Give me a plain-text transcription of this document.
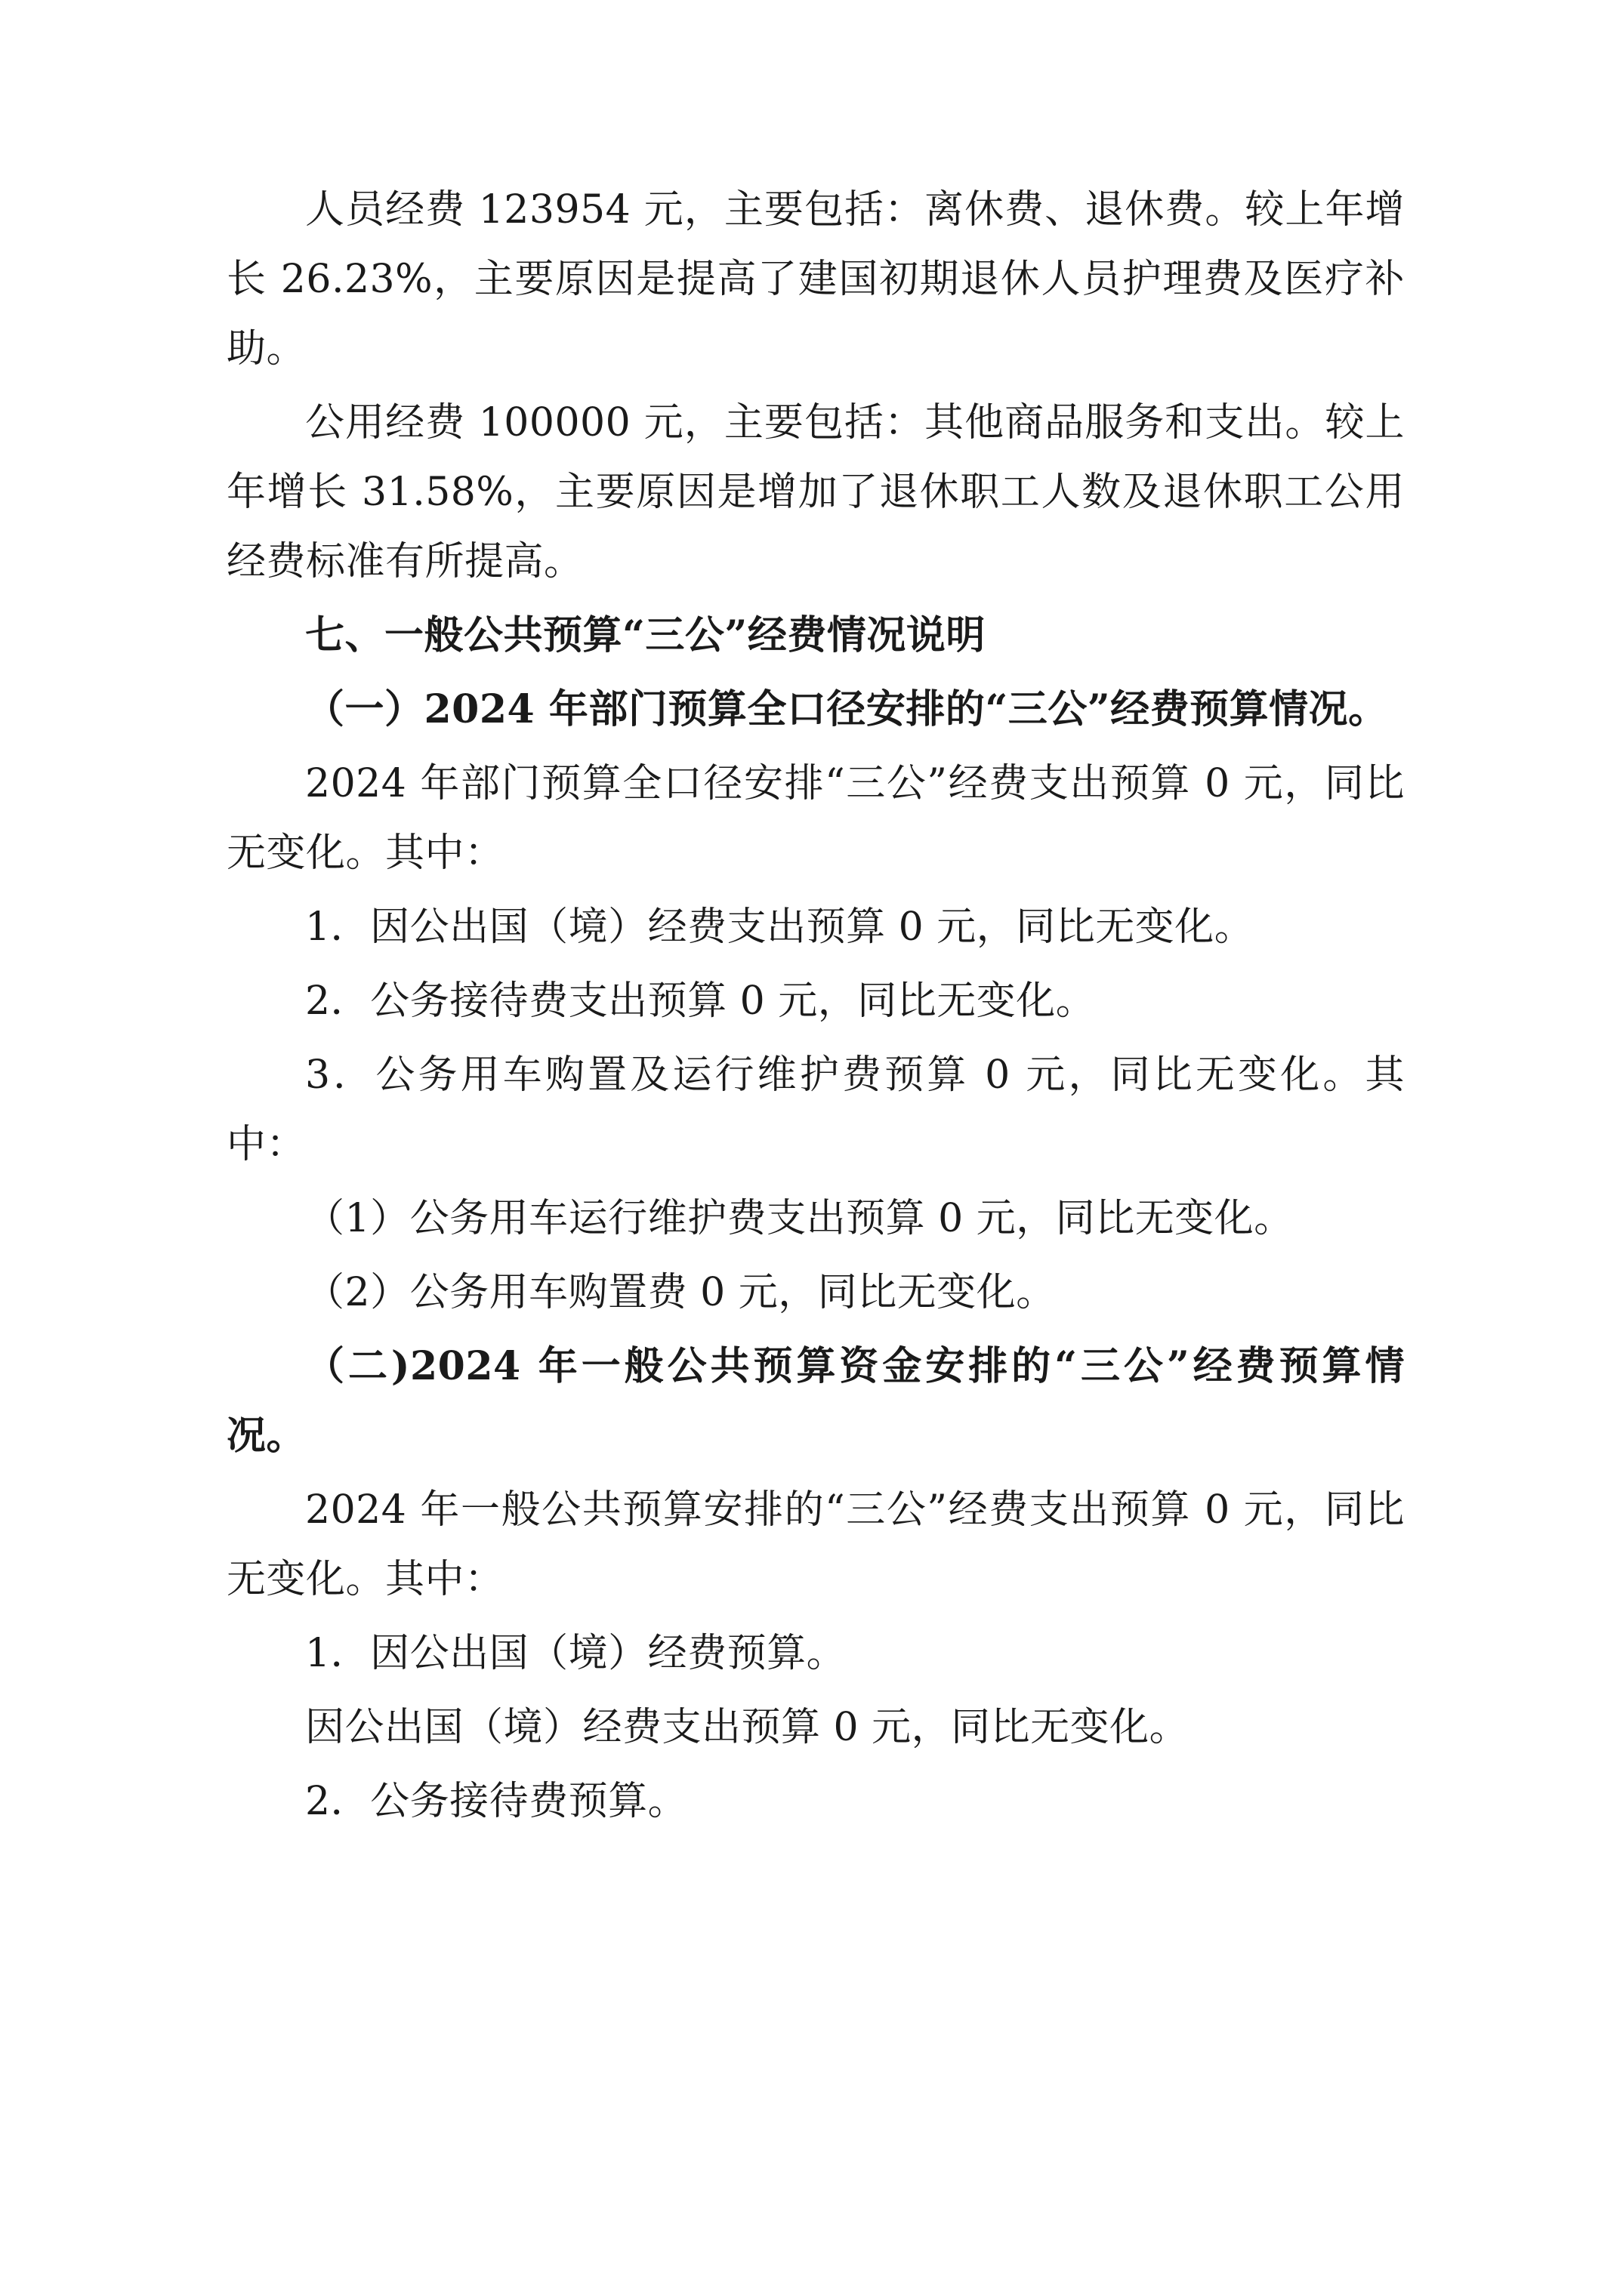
人员经费 123954 元，主要包括：离休费、退休费。较上年增长 26.23%，主要原因是提高了建国初期退休人员护理费及医疗补助。

公用经费 100000 元，主要包括：其他商品服务和支出。较上年增长 31.58%，主要原因是增加了退休职工人数及退休职工公用经费标准有所提高。

七、一般公共预算“三公”经费情况说明

（一）2024 年部门预算全口径安排的“三公”经费预算情况。

2024 年部门预算全口径安排“三公”经费支出预算 0 元，同比无变化。其中：

1．因公出国（境）经费支出预算 0 元，同比无变化。

2．公务接待费支出预算 0 元，同比无变化。

3．公务用车购置及运行维护费预算 0 元，同比无变化。其中：

（1）公务用车运行维护费支出预算 0 元，同比无变化。

（2）公务用车购置费 0 元，同比无变化。

（二)2024 年一般公共预算资金安排的“三公”经费预算情况。

2024 年一般公共预算安排的“三公”经费支出预算 0 元，同比无变化。其中：

1．因公出国（境）经费预算。

因公出国（境）经费支出预算 0 元，同比无变化。

2．公务接待费预算。
